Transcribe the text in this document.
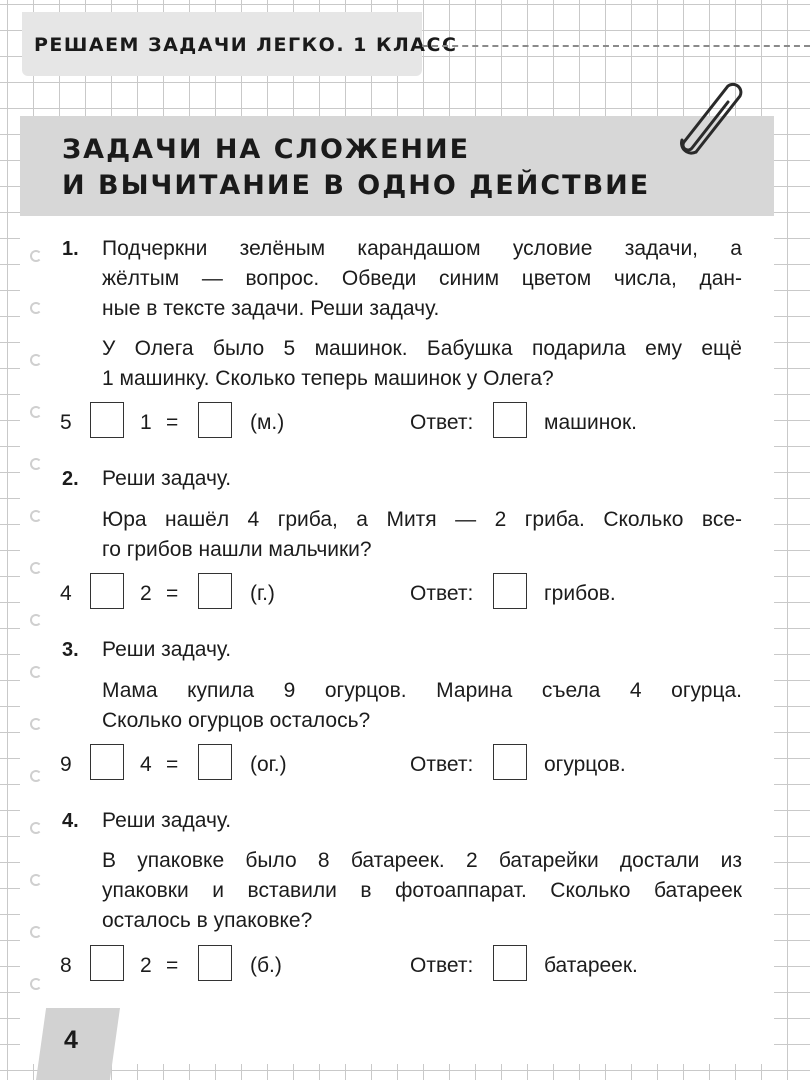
РЕШАЕМ ЗАДАЧИ ЛЕГКО. 1 КЛАСС
ЗАДАЧИ НА СЛОЖЕНИЕ
И ВЫЧИТАНИЕ В ОДНО ДЕЙСТВИЕ
1. Подчеркни зелёным карандашом условие задачи, а
жёлтым — вопрос. Обведи синим цветом числа, дан-
ные в тексте задачи. Реши задачу.
У Олега было 5 машинок. Бабушка подарила ему ещё
1 машинку. Сколько теперь машинок у Олега?
5	1 =	(м.)	Ответ:	машинок.
2. Реши задачу.
Юра нашёл 4 гриба, а Митя — 2 гриба. Сколько все-
го грибов нашли мальчики?
4	2 =	(г.)	Ответ:	грибов.
3. Реши задачу.
Мама купила 9 огурцов. Марина съела 4 огурца.
Сколько огурцов осталось?
9	4 =	(ог.)	Ответ:	огурцов.
4. Реши задачу.
В упаковке было 8 батареек. 2 батарейки достали из
упаковки и вставили в фотоаппарат. Сколько батареек
осталось в упаковке?
8	2 =	(б.)	Ответ:	батареек.
4
